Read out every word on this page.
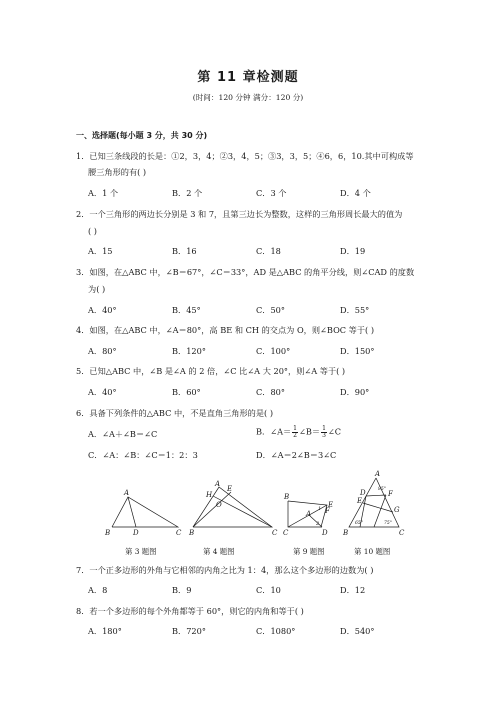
第 11 章检测题
(时间：120 分钟 满分：120 分)
一、选择题(每小题 3 分，共 30 分)
1．已知三条线段的长是：①2，3，4；②3，4，5；③3，3，5；④6，6，10.其中可构成等
腰三角形的有( )
A．1 个	B．2 个	C．3 个	D．4 个
2．一个三角形的两边长分别是 3 和 7，且第三边长为整数，这样的三角形周长最大的值为
( )
A．15	B．16	C．18	D．19
3．如图，在△ABC 中，∠B＝67°，∠C＝33°，AD 是△ABC 的角平分线，则∠CAD 的度数
为( )
A．40°	B．45°	C．50°	D．55°
4．如图，在△ABC 中，∠A＝80°，高 BE 和 CH 的交点为 O，则∠BOC 等于( )
A．80°	B．120°	C．100°	D．150°
5．已知△ABC 中，∠B 是∠A 的 2 倍，∠C 比∠A 大 20°，则∠A 等于( )
A．40°	B．60°	C．80°	D．90°
6．具备下列条件的△ABC 中，不是直角三角形的是( )
A．∠A＋∠B＝∠C	B．∠A＝ $\frac{1}{2}$ ∠B＝ $\frac{1}{3}$ ∠C
C．∠A：∠B：∠C＝1：2：3	D．∠A＝2∠B＝3∠C
A
B	D	C
H
A
E
O
B	C
B
A
C	D
E
F
1
2
A
D
E
F
G
B	C
85°
65°	75°
第 3 题图	第 4 题图	第 9 题图	第 10 题图
7．一个正多边形的外角与它相邻的内角之比为 1：4，那么这个多边形的边数为( )
A．8	B．9	C．10	D．12
8．若一个多边形的每个外角都等于 60°，则它的内角和等于( )
A．180°	B．720°	C．1080°	D．540°
